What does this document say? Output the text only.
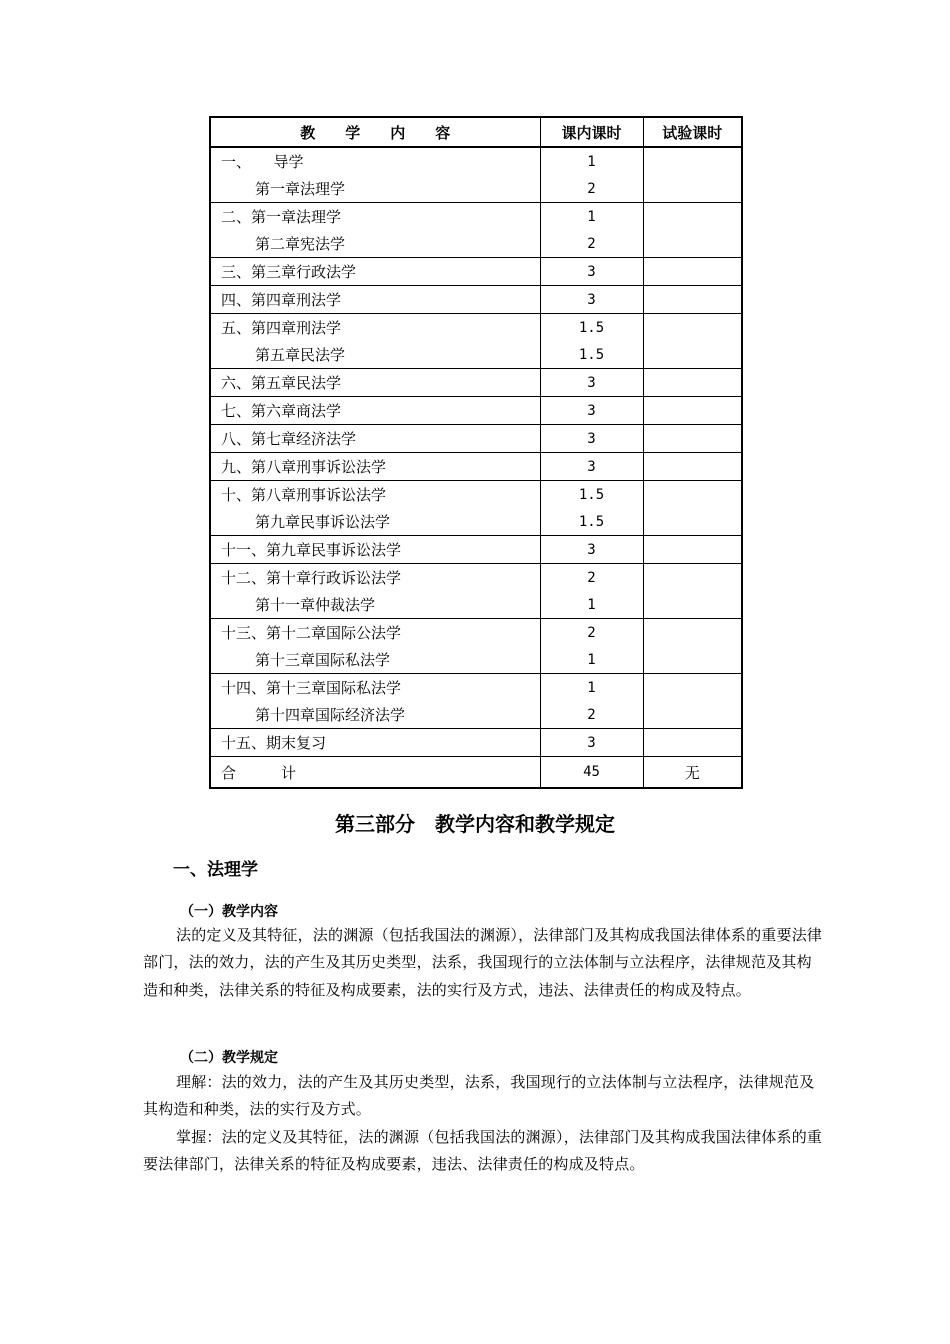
教　　学　　内　　容	课内课时	试验课时
一、　　导学	1	
第一章法理学	2	
二、第一章法理学	1	
第二章宪法学	2	
三、第三章行政法学	3	
四、第四章刑法学	3	
五、第四章刑法学	1.5	
第五章民法学	1.5	
六、第五章民法学	3	
七、第六章商法学	3	
八、第七章经济法学	3	
九、第八章刑事诉讼法学	3	
十、第八章刑事诉讼法学	1.5	
第九章民事诉讼法学	1.5	
十一、第九章民事诉讼法学	3	
十二、第十章行政诉讼法学	2	
第十一章仲裁法学	1	
十三、第十二章国际公法学	2	
第十三章国际私法学	1	
十四、第十三章国际私法学	1	
第十四章国际经济法学	2	
十五、期末复习	3	
合　　　计	45	无
第三部分　教学内容和教学规定
一、法理学
（一）教学内容
法的定义及其特征，法的渊源（包括我国法的渊源），法律部门及其构成我国法律体系的重要法律部门，法的效力，法的产生及其历史类型，法系，我国现行的立法体制与立法程序，法律规范及其构造和种类，法律关系的特征及构成要素，法的实行及方式，违法、法律责任的构成及特点。
（二）教学规定
理解：法的效力，法的产生及其历史类型，法系，我国现行的立法体制与立法程序，法律规范及其构造和种类，法的实行及方式。
掌握：法的定义及其特征，法的渊源（包括我国法的渊源），法律部门及其构成我国法律体系的重要法律部门，法律关系的特征及构成要素，违法、法律责任的构成及特点。
